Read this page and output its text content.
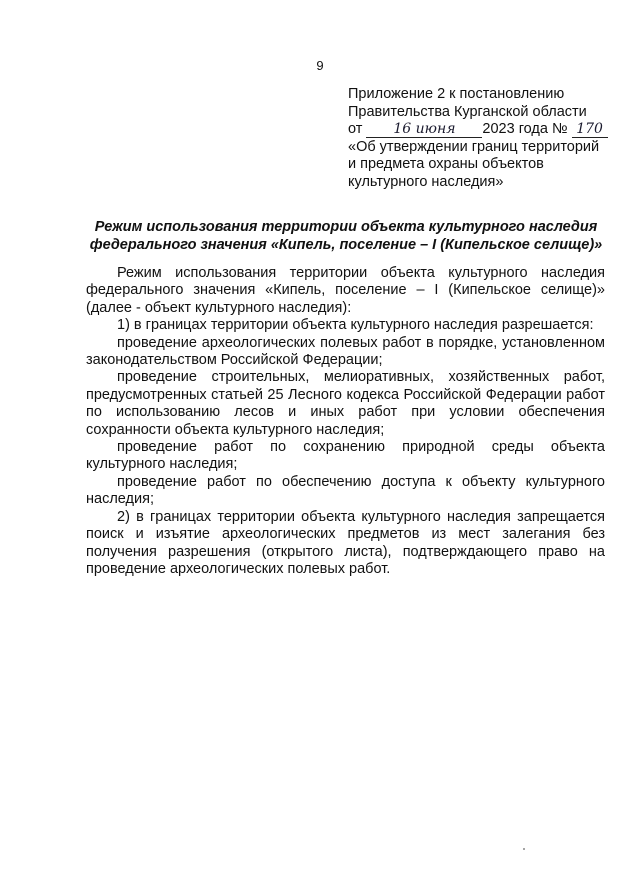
9
Приложение 2 к постановлению
Правительства Курганской области
от 16 июня 2023 года № 170
«Об утверждении границ территорий
и предмета охраны объектов
культурного наследия»
Режим использования территории объекта культурного наследия
федерального значения «Кипель, поселение – I (Кипельское селище)»

Режим использования территории объекта культурного наследия федерального значения «Кипель, поселение – I (Кипельское селище)» (далее - объект культурного наследия):

1) в границах территории объекта культурного наследия разрешается:

проведение археологических полевых работ в порядке, установленном законодательством Российской Федерации;

проведение строительных, мелиоративных, хозяйственных работ, предусмотренных статьей 25 Лесного кодекса Российской Федерации работ по использованию лесов и иных работ при условии обеспечения сохранности объекта культурного наследия;

проведение работ по сохранению природной среды объекта культурного наследия;

проведение работ по обеспечению доступа к объекту культурного наследия;

2) в границах территории объекта культурного наследия запрещается поиск и изъятие археологических предметов из мест залегания без получения разрешения (открытого листа), подтверждающего право на проведение археологических полевых работ.
